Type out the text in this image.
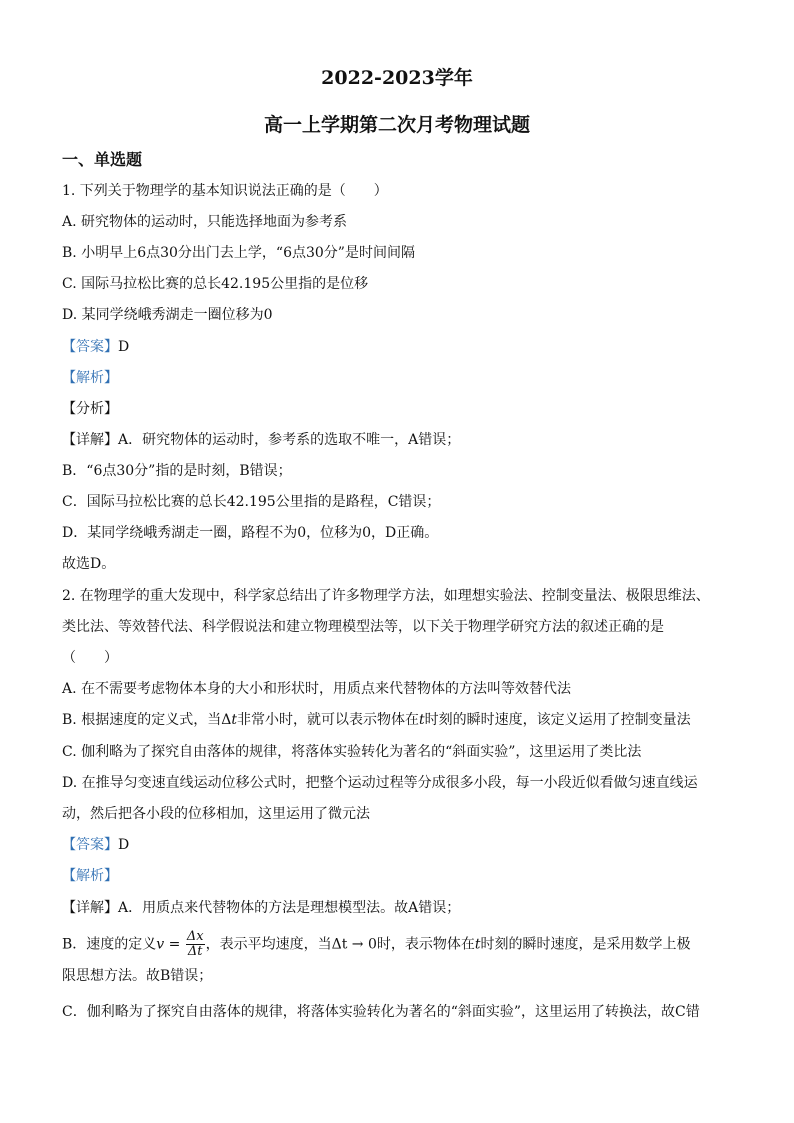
2022-2023学年

高一上学期第二次月考物理试题

一、单选题

1. 下列关于物理学的基本知识说法正确的是（　　）

A. 研究物体的运动时，只能选择地面为参考系

B. 小明早上6点30分出门去上学，“6点30分”是时间间隔

C. 国际马拉松比赛的总长42.195公里指的是位移

D. 某同学绕峨秀湖走一圈位移为0

【答案】D

【解析】

【分析】

【详解】A．研究物体的运动时，参考系的选取不唯一，A错误；

B．“6点30分”指的是时刻，B错误；

C．国际马拉松比赛的总长42.195公里指的是路程，C错误；

D．某同学绕峨秀湖走一圈，路程不为0，位移为0，D正确。

故选D。

2. 在物理学的重大发现中，科学家总结出了许多物理学方法，如理想实验法、控制变量法、极限思维法、

类比法、等效替代法、科学假说法和建立物理模型法等，以下关于物理学研究方法的叙述正确的是

（　　）

A. 在不需要考虑物体本身的大小和形状时，用质点来代替物体的方法叫等效替代法

B. 根据速度的定义式，当Δt非常小时，就可以表示物体在t时刻的瞬时速度，该定义运用了控制变量法

C. 伽利略为了探究自由落体的规律，将落体实验转化为著名的“斜面实验”，这里运用了类比法

D. 在推导匀变速直线运动位移公式时，把整个运动过程等分成很多小段，每一小段近似看做匀速直线运

动，然后把各小段的位移相加，这里运用了微元法

【答案】D

【解析】

【详解】A．用质点来代替物体的方法是理想模型法。故A错误；

B．速度的定义$v = \frac{\Delta x}{\Delta t}$ ，表示平均速度，当Δt → 0时，表示物体在t时刻的瞬时速度，是采用数学上极

限思想方法。故B错误；

C．伽利略为了探究自由落体的规律，将落体实验转化为著名的“斜面实验”，这里运用了转换法，故C错
